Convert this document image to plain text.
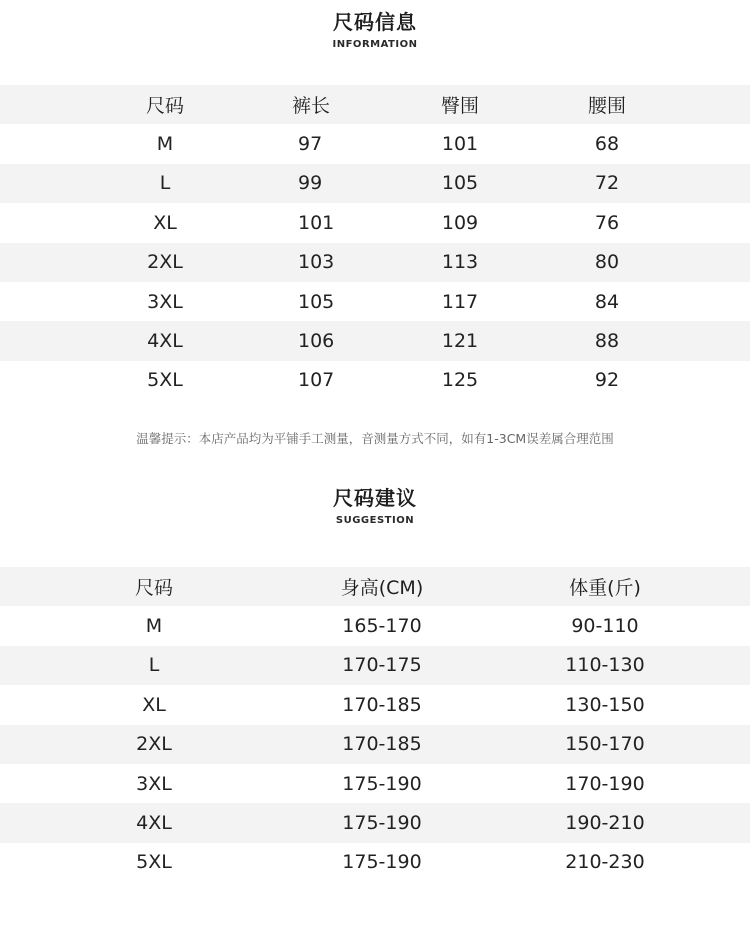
尺码信息
INFORMATION
尺码	裤长	臀围	腰围
M	97	101	68
L	99	105	72
XL	101	109	76
2XL	103	113	80
3XL	105	117	84
4XL	106	121	88
5XL	107	125	92
温馨提示：本店产品均为平铺手工测量，音测量方式不同，如有1-3CM误差属合理范围
尺码建议
SUGGESTION
尺码	身高(CM)	体重(斤)
M	165-170	90-110
L	170-175	110-130
XL	170-185	130-150
2XL	170-185	150-170
3XL	175-190	170-190
4XL	175-190	190-210
5XL	175-190	210-230
